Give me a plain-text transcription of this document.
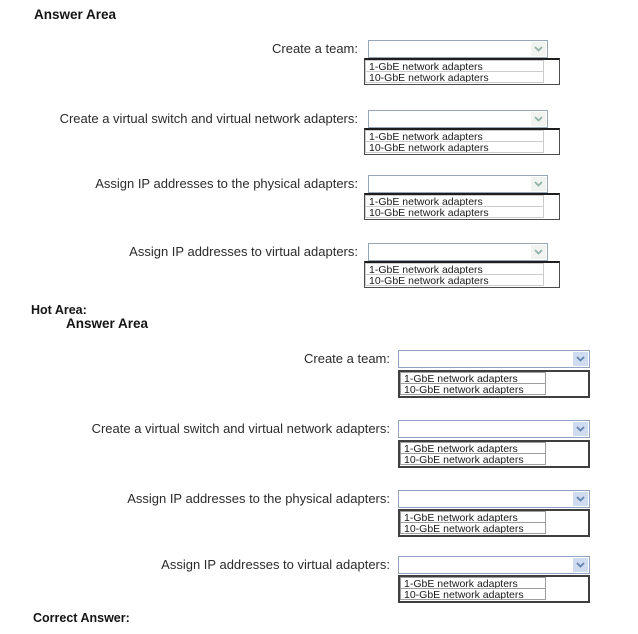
Answer Area
Create a team:
1-GbE network adapters
10-GbE network adapters
Create a virtual switch and virtual network adapters:
1-GbE network adapters
10-GbE network adapters
Assign IP addresses to the physical adapters:
1-GbE network adapters
10-GbE network adapters
Assign IP addresses to virtual adapters:
1-GbE network adapters
10-GbE network adapters
Hot Area:
Answer Area
Create a team:
1-GbE network adapters
10-GbE network adapters
Create a virtual switch and virtual network adapters:
1-GbE network adapters
10-GbE network adapters
Assign IP addresses to the physical adapters:
1-GbE network adapters
10-GbE network adapters
Assign IP addresses to virtual adapters:
1-GbE network adapters
10-GbE network adapters
Correct Answer:
